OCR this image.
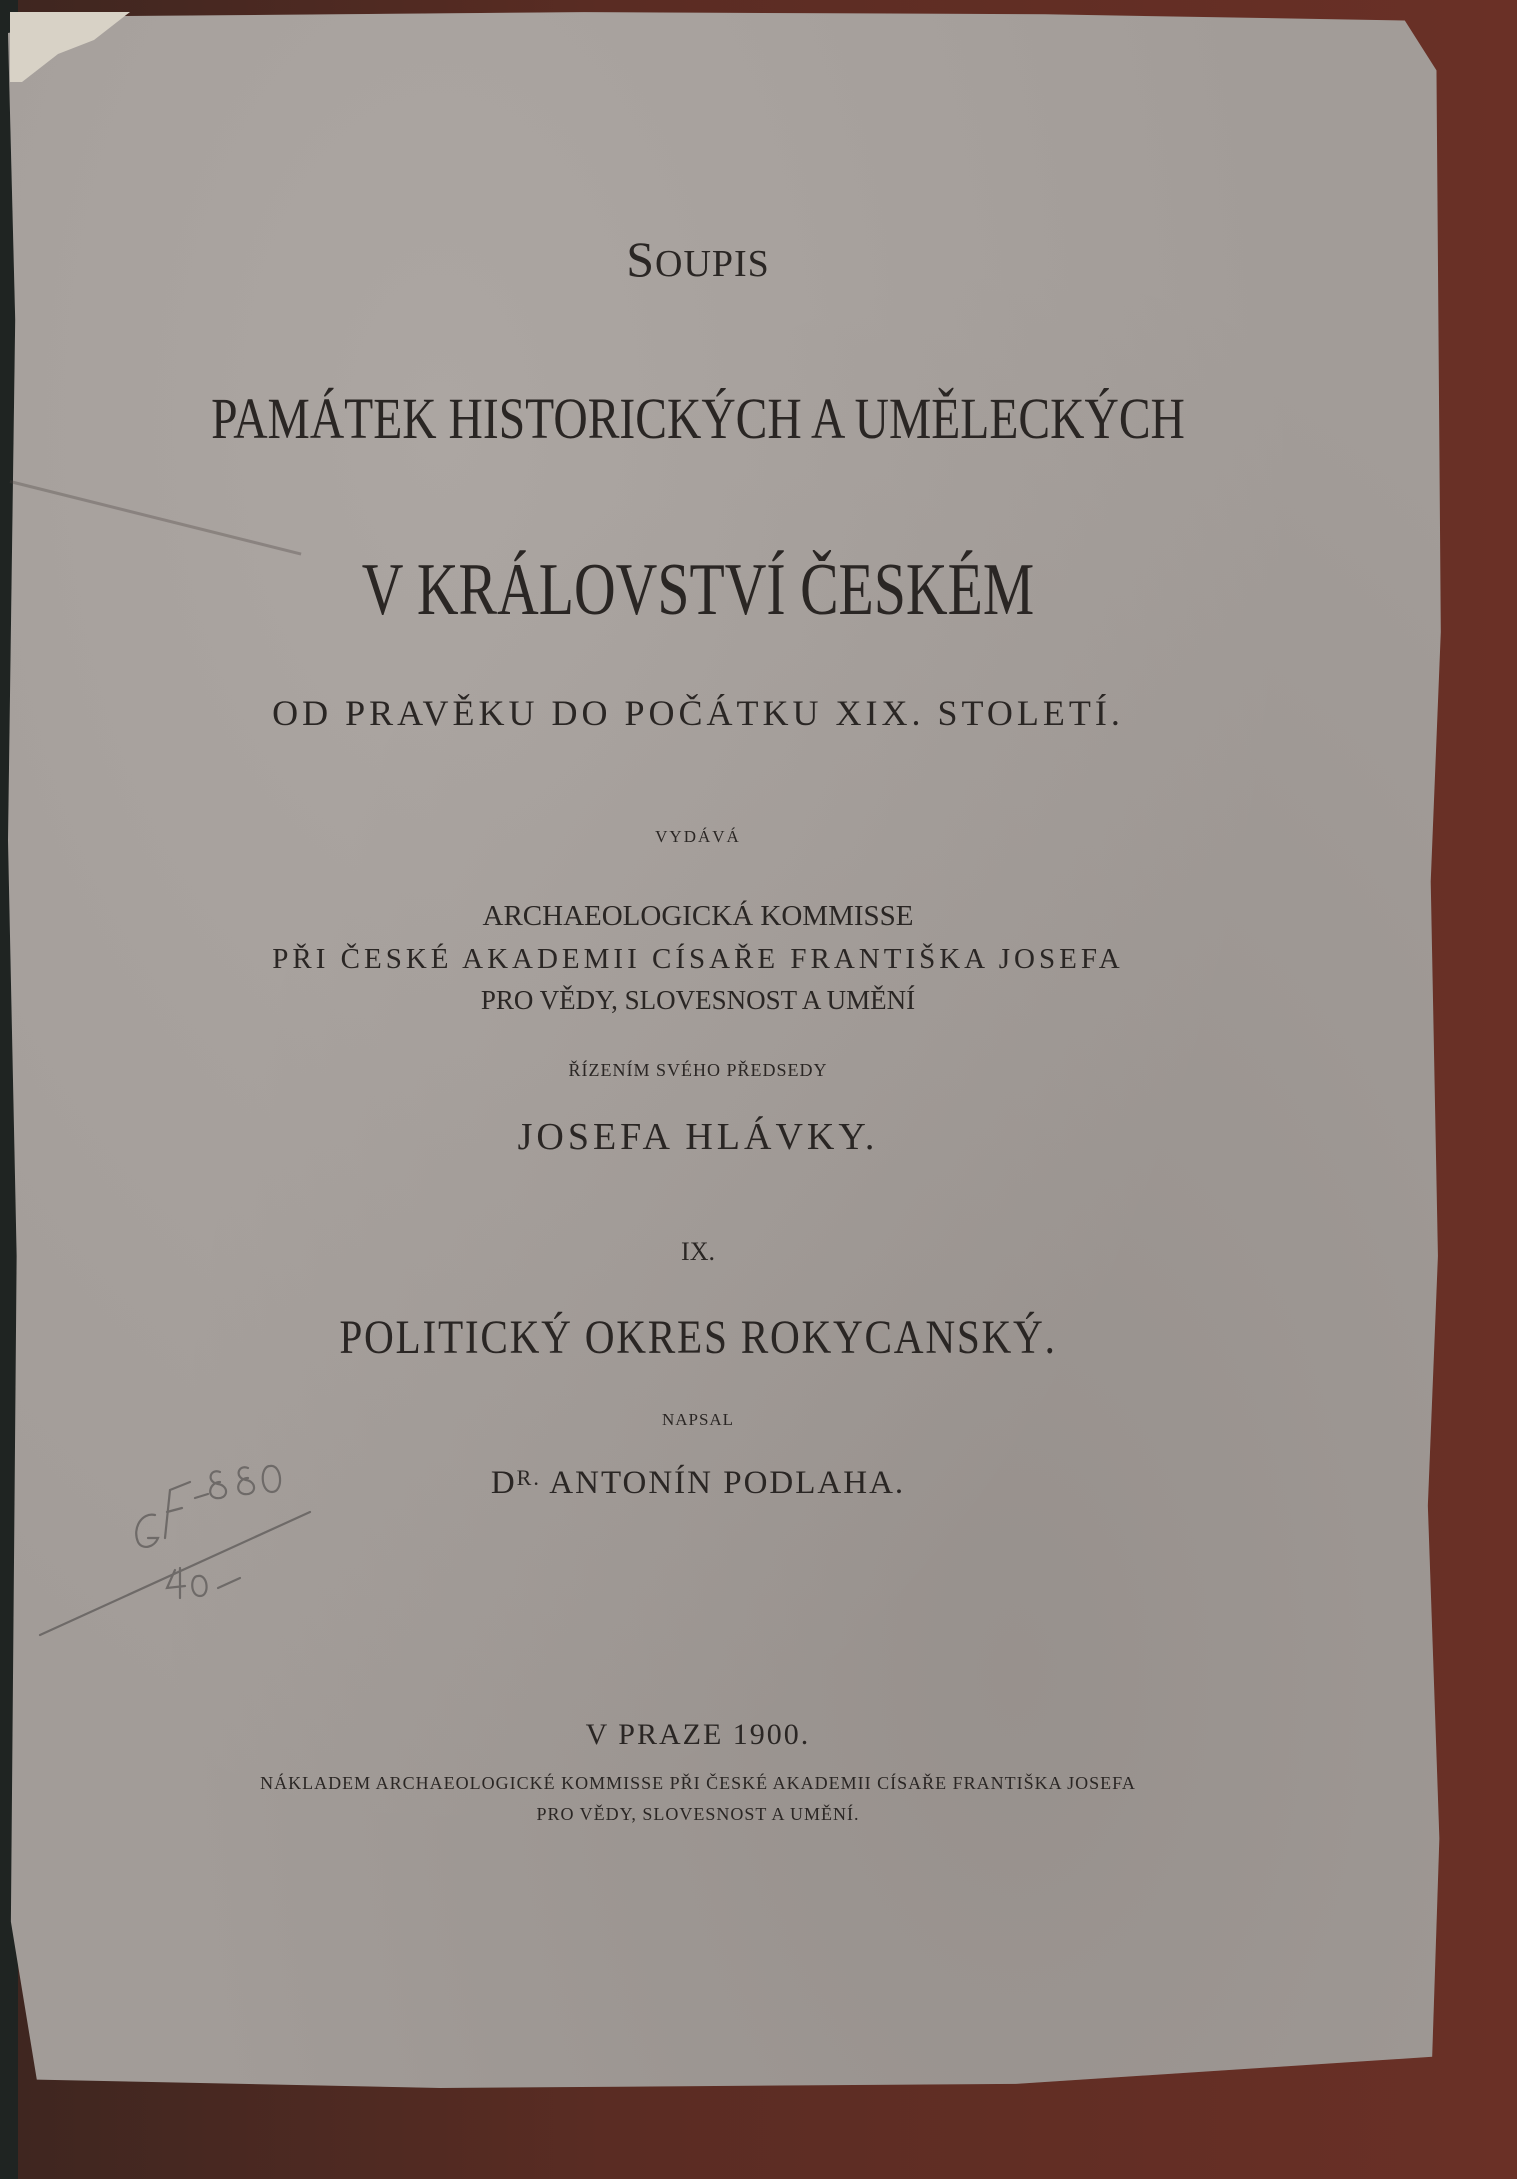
SOUPIS
PAMÁTEK HISTORICKÝCH A UMĚLECKÝCH
V KRÁLOVSTVÍ ČESKÉM
OD PRAVĚKU DO POČÁTKU XIX. STOLETÍ.
VYDÁVÁ
ARCHAEOLOGICKÁ KOMMISSE
PŘI ČESKÉ AKADEMII CÍSAŘE FRANTIŠKA JOSEFA
PRO VĚDY, SLOVESNOST A UMĚNÍ
ŘÍZENÍM SVÉHO PŘEDSEDY
JOSEFA HLÁVKY.
IX.
POLITICKÝ OKRES ROKYCANSKÝ.
NAPSAL
$D^{R.}$ ANTONÍN PODLAHA.
V PRAZE 1900.
NÁKLADEM ARCHAEOLOGICKÉ KOMMISSE PŘI ČESKÉ AKADEMII CÍSAŘE FRANTIŠKA JOSEFA
PRO VĚDY, SLOVESNOST A UMĚNÍ.
